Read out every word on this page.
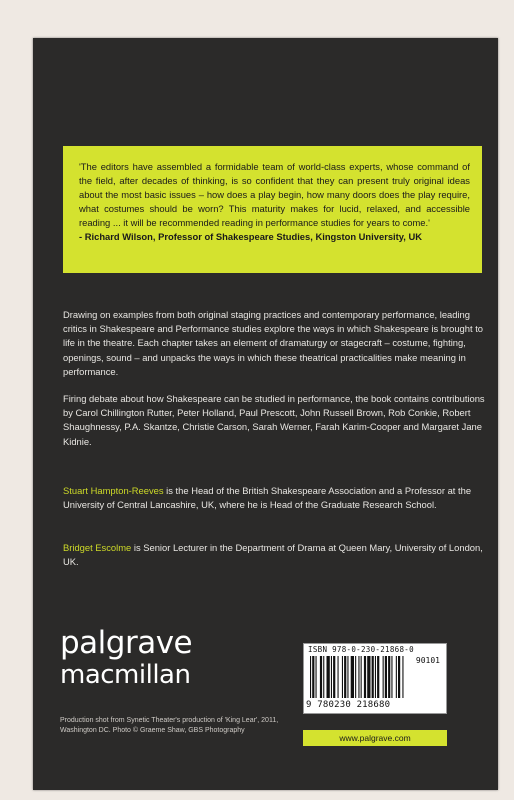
'The editors have assembled a formidable team of world-class experts, whose command of the field, after decades of thinking, is so confident that they can present truly original ideas about the most basic issues – how does a play begin, how many doors does the play require, what costumes should be worn? This maturity makes for lucid, relaxed, and accessible reading ... it will be recommended reading in performance studies for years to come.'
- Richard Wilson, Professor of Shakespeare Studies, Kingston University, UK
Drawing on examples from both original staging practices and contemporary performance, leading critics in Shakespeare and Performance studies explore the ways in which Shakespeare is brought to life in the theatre. Each chapter takes an element of dramaturgy or stagecraft – costume, fighting, openings, sound – and unpacks the ways in which these theatrical practicalities make meaning in performance.
Firing debate about how Shakespeare can be studied in performance, the book contains contributions by Carol Chillington Rutter, Peter Holland, Paul Prescott, John Russell Brown, Rob Conkie, Robert Shaughnessy, P.A. Skantze, Christie Carson, Sarah Werner, Farah Karim-Cooper and Margaret Jane Kidnie.
Stuart Hampton-Reeves is the Head of the British Shakespeare Association and a Professor at the University of Central Lancashire, UK, where he is Head of the Graduate Research School.
Bridget Escolme is Senior Lecturer in the Department of Drama at Queen Mary, University of London, UK.
palgrave
macmillan
Production shot from Synetic Theater's production of 'King Lear', 2011, Washington DC. Photo © Graeme Shaw, GBS Photography
ISBN 978-0-230-21868-0
90101
9 780230 218680
www.palgrave.com
